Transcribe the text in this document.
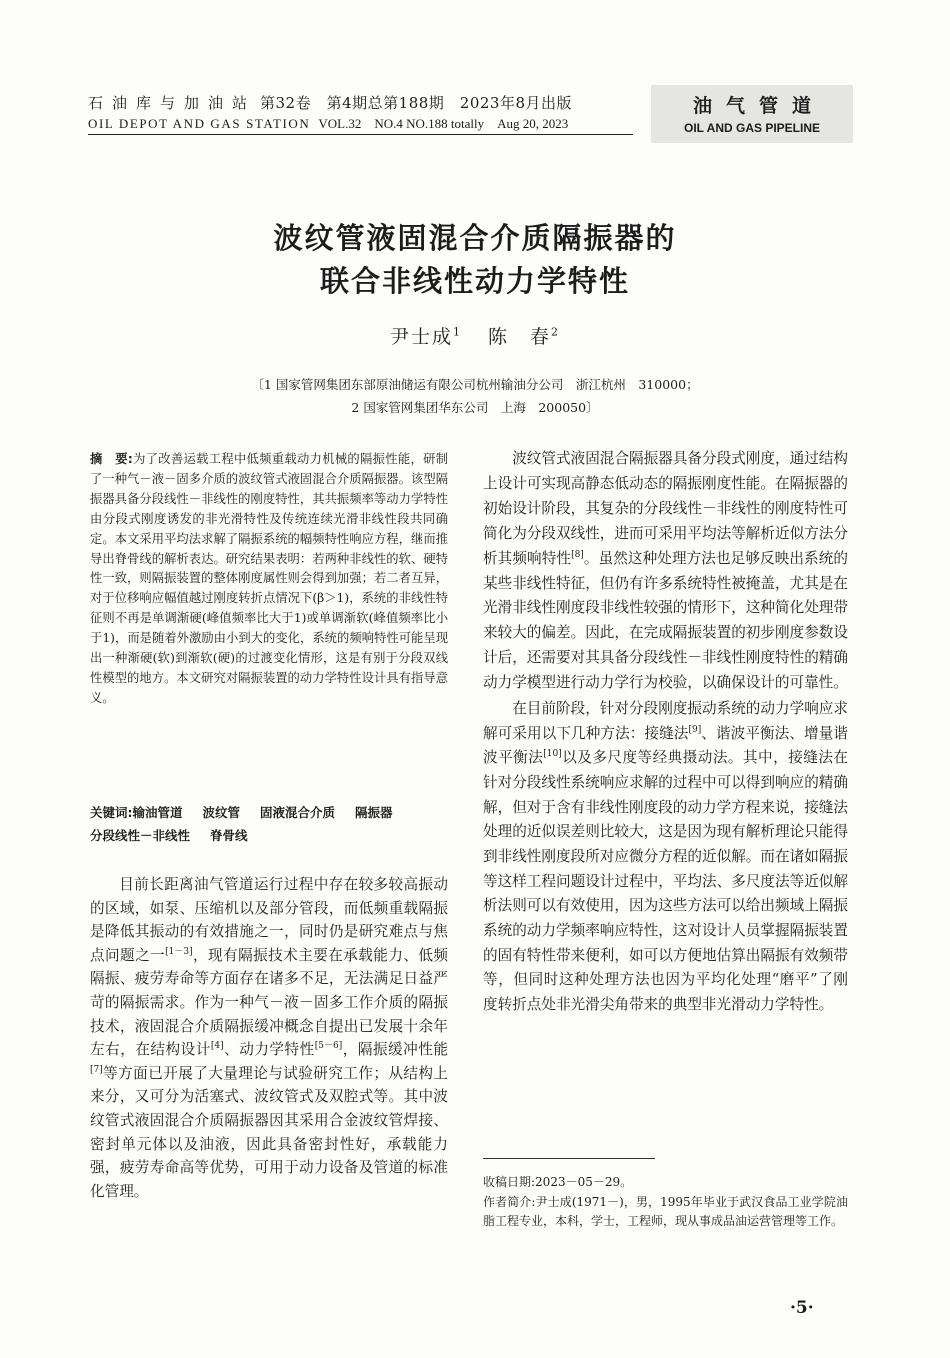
石油库与加油站 第32卷　第4期总第188期　2023年8月出版
OIL DEPOT AND GAS STATION VOL.32　NO.4 NO.188 totally　Aug 20, 2023
油气管道
OIL AND GAS PIPELINE
波纹管液固混合介质隔振器的
联合非线性动力学特性
尹士成$^1$ 陈　春$^2$
〔1 国家管网集团东部原油储运有限公司杭州输油分公司　浙江杭州　310000；
2 国家管网集团华东公司　上海　200050〕
摘　要:为了改善运载工程中低频重载动力机械的隔振性能，研制了一种气－液－固多介质的波纹管式液固混合介质隔振器。该型隔振器具备分段线性－非线性的刚度特性，其共振频率等动力学特性由分段式刚度诱发的非光滑特性及传统连续光滑非线性段共同确定。本文采用平均法求解了隔振系统的幅频特性响应方程，继而推导出脊骨线的解析表达。研究结果表明：若两种非线性的软、硬特性一致，则隔振装置的整体刚度属性则会得到加强；若二者互异，对于位移响应幅值越过刚度转折点情况下(β＞1)，系统的非线性特征则不再是单调渐硬(峰值频率比大于1)或单调渐软(峰值频率比小于1)，而是随着外激励由小到大的变化，系统的频响特性可能呈现出一种渐硬(软)到渐软(硬)的过渡变化情形，这是有别于分段双线性模型的地方。本文研究对隔振装置的动力学特性设计具有指导意义。
关键词:输油管道 波纹管 固液混合介质 隔振器
分段线性－非线性 脊骨线

目前长距离油气管道运行过程中存在较多较高振动的区域，如泵、压缩机以及部分管段，而低频重载隔振是降低其振动的有效措施之一，同时仍是研究难点与焦点问题之一[1－3]，现有隔振技术主要在承载能力、低频隔振、疲劳寿命等方面存在诸多不足，无法满足日益严苛的隔振需求。作为一种气－液－固多工作介质的隔振技术，液固混合介质隔振缓冲概念自提出已发展十余年左右，在结构设计[4]、动力学特性[5－6]，隔振缓冲性能[7]等方面已开展了大量理论与试验研究工作；从结构上来分，又可分为活塞式、波纹管式及双腔式等。其中波纹管式液固混合介质隔振器因其采用合金波纹管焊接、密封单元体以及油液，因此具备密封性好，承载能力强，疲劳寿命高等优势，可用于动力设备及管道的标准化管理。

波纹管式液固混合隔振器具备分段式刚度，通过结构上设计可实现高静态低动态的隔振刚度性能。在隔振器的初始设计阶段，其复杂的分段线性－非线性的刚度特性可简化为分段双线性，进而可采用平均法等解析近似方法分析其频响特性[8]。虽然这种处理方法也足够反映出系统的某些非线性特征，但仍有许多系统特性被掩盖，尤其是在光滑非线性刚度段非线性较强的情形下，这种简化处理带来较大的偏差。因此，在完成隔振装置的初步刚度参数设计后，还需要对其具备分段线性－非线性刚度特性的精确动力学模型进行动力学行为校验，以确保设计的可靠性。

在目前阶段，针对分段刚度振动系统的动力学响应求解可采用以下几种方法：接缝法[9]、谐波平衡法、增量谐波平衡法[10]以及多尺度等经典摄动法。其中，接缝法在针对分段线性系统响应求解的过程中可以得到响应的精确解，但对于含有非线性刚度段的动力学方程来说，接缝法处理的近似误差则比较大，这是因为现有解析理论只能得到非线性刚度段所对应微分方程的近似解。而在诸如隔振等这样工程问题设计过程中，平均法、多尺度法等近似解析法则可以有效使用，因为这些方法可以给出频域上隔振系统的动力学频率响应特性，这对设计人员掌握隔振装置的固有特性带来便利，如可以方便地估算出隔振有效频带等，但同时这种处理方法也因为平均化处理“磨平”了刚度转折点处非光滑尖角带来的典型非光滑动力学特性。

收稿日期:2023－05－29。
作者简介:尹士成(1971－)，男，1995年毕业于武汉食品工业学院油脂工程专业，本科，学士，工程师，现从事成品油运营管理等工作。
·5·
